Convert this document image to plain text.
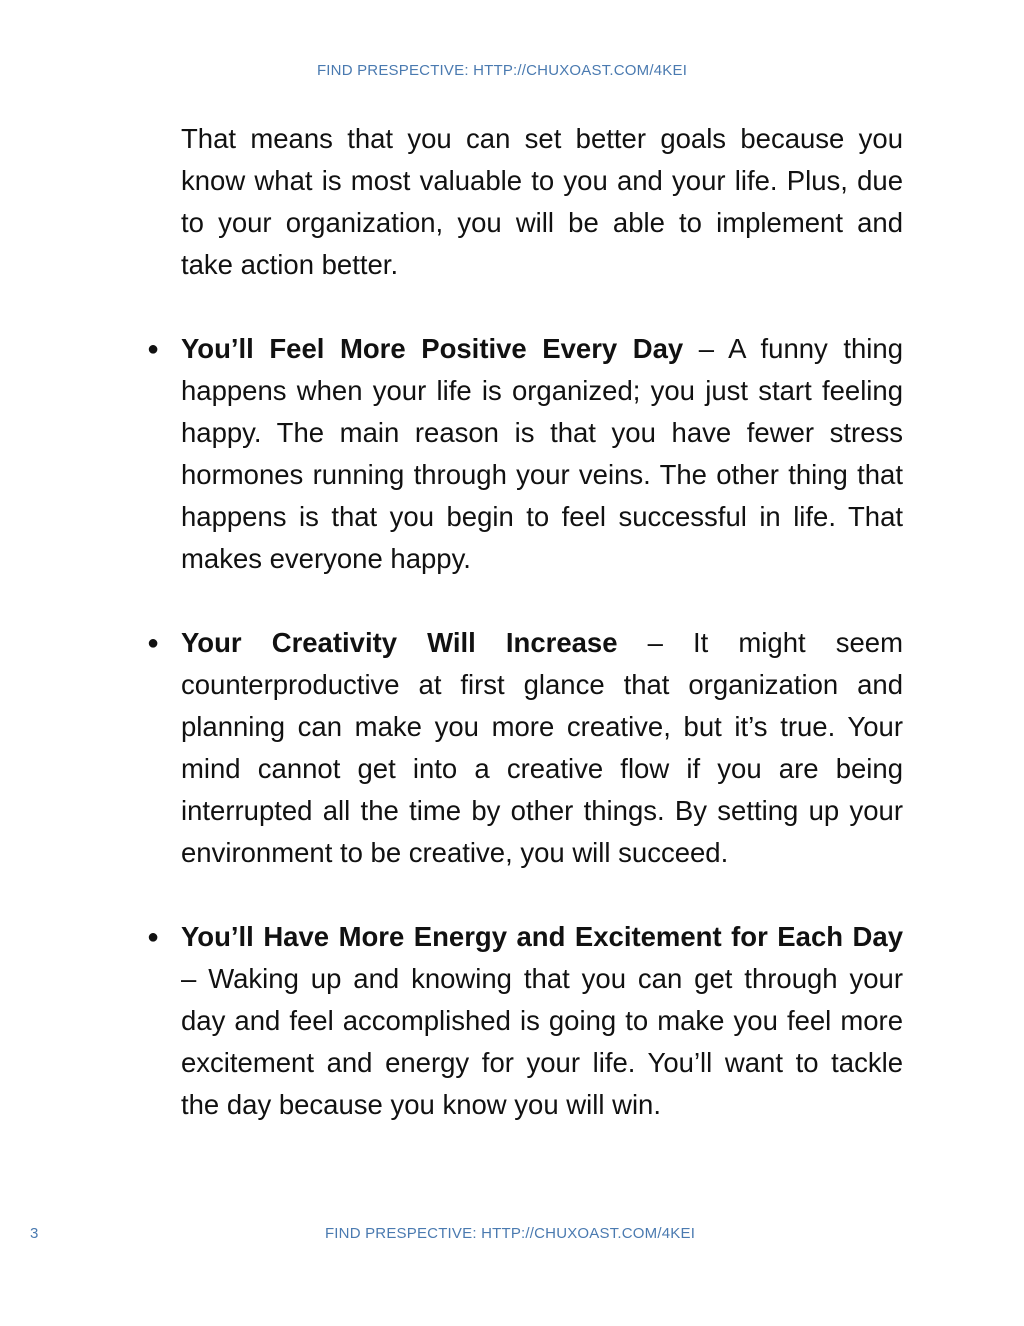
FIND PRESPECTIVE: HTTP://CHUXOAST.COM/4KEI

That means that you can set better goals because you know what is most valuable to you and your life. Plus, due to your organization, you will be able to implement and take action better.

● You’ll Feel More Positive Every Day – A funny thing happens when your life is organized; you just start feeling happy. The main reason is that you have fewer stress hormones running through your veins. The other thing that happens is that you begin to feel successful in life. That makes everyone happy.

● Your Creativity Will Increase – It might seem counterproductive at first glance that organization and planning can make you more creative, but it’s true. Your mind cannot get into a creative flow if you are being interrupted all the time by other things. By setting up your environment to be creative, you will succeed.

● You’ll Have More Energy and Excitement for Each Day – Waking up and knowing that you can get through your day and feel accomplished is going to make you feel more excitement and energy for your life. You’ll want to tackle the day because you know you will win.

3	FIND PRESPECTIVE: HTTP://CHUXOAST.COM/4KEI
